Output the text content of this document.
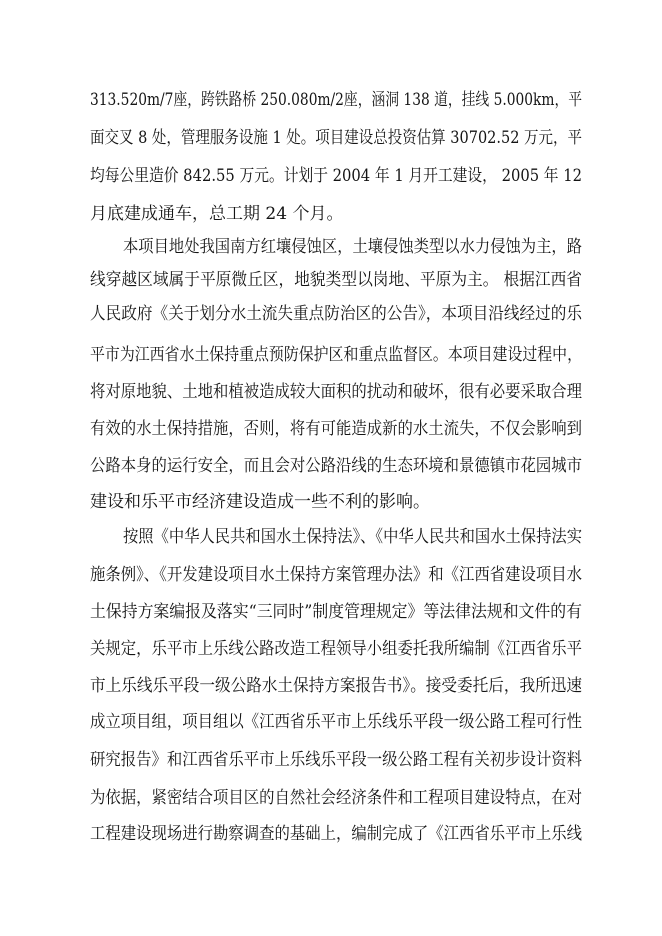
313.520m/7座，跨铁路桥 250.080m/2座，涵洞 138 道，挂线 5.000km，平
面交叉 8 处，管理服务设施 1 处。项目建设总投资估算 30702.52 万元，平
均每公里造价 842.55 万元。计划于 2004 年 1 月开工建设， 2005 年 12
月底建成通车，总工期 24 个月。
本项目地处我国南方红壤侵蚀区，土壤侵蚀类型以水力侵蚀为主，路
线穿越区域属于平原微丘区，地貌类型以岗地、平原为主。 根据江西省
人民政府《关于划分水土流失重点防治区的公告》，本项目沿线经过的乐
平市为江西省水土保持重点预防保护区和重点监督区。本项目建设过程中，
将对原地貌、土地和植被造成较大面积的扰动和破坏，很有必要采取合理
有效的水土保持措施，否则，将有可能造成新的水土流失，不仅会影响到
公路本身的运行安全，而且会对公路沿线的生态环境和景德镇市花园城市
建设和乐平市经济建设造成一些不利的影响。
按照《中华人民共和国水土保持法》、《中华人民共和国水土保持法实
施条例》、《开发建设项目水土保持方案管理办法》和《江西省建设项目水
土保持方案编报及落实“三同时”制度管理规定》等法律法规和文件的有
关规定，乐平市上乐线公路改造工程领导小组委托我所编制《江西省乐平
市上乐线乐平段一级公路水土保持方案报告书》。接受委托后，我所迅速
成立项目组，项目组以《江西省乐平市上乐线乐平段一级公路工程可行性
研究报告》和江西省乐平市上乐线乐平段一级公路工程有关初步设计资料
为依据，紧密结合项目区的自然社会经济条件和工程项目建设特点，在对
工程建设现场进行勘察调查的基础上，编制完成了《江西省乐平市上乐线
